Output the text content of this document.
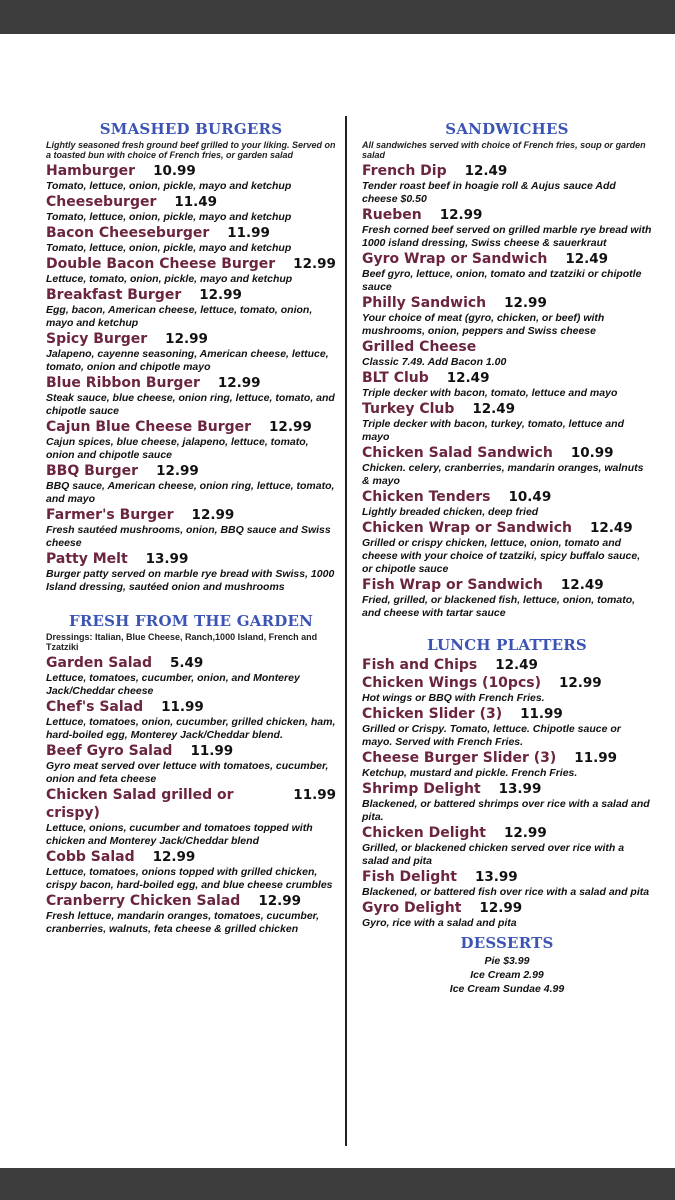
SMASHED BURGERS
Lightly seasoned fresh ground beef grilled to your liking. Served on a toasted bun with choice of French fries, or garden salad
Hamburger 10.99
Tomato, lettuce, onion, pickle, mayo and ketchup
Cheeseburger 11.49
Tomato, lettuce, onion, pickle, mayo and ketchup
Bacon Cheeseburger 11.99
Tomato, lettuce, onion, pickle, mayo and ketchup
Double Bacon Cheese Burger 12.99
Lettuce, tomato, onion, pickle, mayo and ketchup
Breakfast Burger 12.99
Egg, bacon, American cheese, lettuce, tomato, onion, mayo and ketchup
Spicy Burger 12.99
Jalapeno, cayenne seasoning, American cheese, lettuce, tomato, onion and chipotle mayo
Blue Ribbon Burger 12.99
Steak sauce, blue cheese, onion ring, lettuce, tomato, and chipotle sauce
Cajun Blue Cheese Burger 12.99
Cajun spices, blue cheese, jalapeno, lettuce, tomato, onion and chipotle sauce
BBQ Burger 12.99
BBQ sauce, American cheese, onion ring, lettuce, tomato, and mayo
Farmer's Burger 12.99
Fresh sautéed mushrooms, onion, BBQ sauce and Swiss cheese
Patty Melt 13.99
Burger patty served on marble rye bread with Swiss, 1000 Island dressing, sautéed onion and mushrooms
FRESH FROM THE GARDEN
Dressings: Italian, Blue Cheese, Ranch,1000 Island, French and Tzatziki
Garden Salad 5.49
Lettuce, tomatoes, cucumber, onion, and Monterey Jack/Cheddar cheese
Chef's Salad 11.99
Lettuce, tomatoes, onion, cucumber, grilled chicken, ham, hard-boiled egg, Monterey Jack/Cheddar blend.
Beef Gyro Salad 11.99
Gyro meat served over lettuce with tomatoes, cucumber, onion and feta cheese
Chicken Salad grilled or crispy)
11.99
Lettuce, onions, cucumber and tomatoes topped with chicken and Monterey Jack/Cheddar blend
Cobb Salad 12.99
Lettuce, tomatoes, onions topped with grilled chicken, crispy bacon, hard-boiled egg, and blue cheese crumbles
Cranberry Chicken Salad 12.99
Fresh lettuce, mandarin oranges, tomatoes, cucumber, cranberries, walnuts, feta cheese & grilled chicken
SANDWICHES
All sandwiches served with choice of French fries, soup or garden salad
French Dip 12.49
Tender roast beef in hoagie roll & Aujus sauce Add cheese $0.50
Rueben 12.99
Fresh corned beef served on grilled marble rye bread with 1000 island dressing, Swiss cheese & sauerkraut
Gyro Wrap or Sandwich 12.49
Beef gyro, lettuce, onion, tomato and tzatziki or chipotle sauce
Philly Sandwich 12.99
Your choice of meat (gyro, chicken, or beef) with mushrooms, onion, peppers and Swiss cheese
Grilled Cheese
Classic 7.49. Add Bacon 1.00
BLT Club 12.49
Triple decker with bacon, tomato, lettuce and mayo
Turkey Club 12.49
Triple decker with bacon, turkey, tomato, lettuce and mayo
Chicken Salad Sandwich 10.99
Chicken. celery, cranberries, mandarin oranges, walnuts & mayo
Chicken Tenders 10.49
Lightly breaded chicken, deep fried
Chicken Wrap or Sandwich 12.49
Grilled or crispy chicken, lettuce, onion, tomato and cheese with your choice of tzatziki, spicy buffalo sauce, or chipotle sauce
Fish Wrap or Sandwich 12.49
Fried, grilled, or blackened fish, lettuce, onion, tomato, and cheese with tartar sauce
LUNCH PLATTERS
Fish and Chips 12.49
Chicken Wings (10pcs) 12.99
Hot wings or BBQ with French Fries.
Chicken Slider (3) 11.99
Grilled or Crispy. Tomato, lettuce. Chipotle sauce or mayo. Served with French Fries.
Cheese Burger Slider (3) 11.99
Ketchup, mustard and pickle. French Fries.
Shrimp Delight 13.99
Blackened, or battered shrimps over rice with a salad and pita.
Chicken Delight 12.99
Grilled, or blackened chicken served over rice with a salad and pita
Fish Delight 13.99
Blackened, or battered fish over rice with a salad and pita
Gyro Delight 12.99
Gyro, rice with a salad and pita
DESSERTS
Pie $3.99
Ice Cream 2.99
Ice Cream Sundae 4.99
